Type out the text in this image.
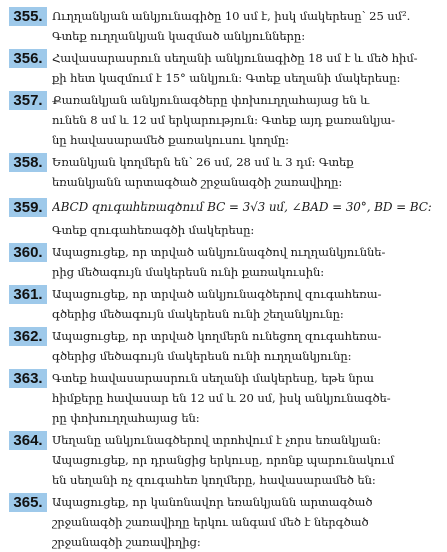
355. Ուղղանկյան անկյունագիծը 10 սմ է, իսկ մակերեսը՝ 25 սմ².
Գտեք ուղղանկյան կազմած անկյունները:
356. Հավասարասրուն սեղանի անկյունագիծը 18 սմ է և մեծ հիմ-
քի հետ կազմում է 15° անկյուն: Գտեք սեղանի մակերեսը:
357. Քառանկյան անկյունագծերը փոխուղղահայաց են և
ունեն 8 սմ և 12 սմ երկարություն: Գտեք այդ քառանկյա-
նը հավասարամեծ քառակուսու կողմը:
358. Եռանկյան կողմերն են՝ 26 սմ, 28 սմ և 3 դմ: Գտեք
եռանկյանն արտագծած շրջանագծի շառավիղը:
359. ABCD զուգահեռագծում BC = 3√3 սմ, ∠BAD = 30°, BD = BC:
Գտեք զուգահեռագծի մակերեսը:
360. Ապացուցեք, որ տրված անկյունագծով ուղղանկյուննե-
րից մեծագույն մակերեսն ունի քառակուսին:
361. Ապացուցեք, որ տրված անկյունագծերով զուգահեռա-
գծերից մեծագույն մակերեսն ունի շեղանկյունը:
362. Ապացուցեք, որ տրված կողմերն ունեցող զուգահեռա-
գծերից մեծագույն մակերեսն ունի ուղղանկյունը:
363. Գտեք հավասարասրուն սեղանի մակերեսը, եթե նրա
հիմքերը հավասար են 12 սմ և 20 սմ, իսկ անկյունագծե-
րը փոխուղղահայաց են:
364. Սեղանը անկյունագծերով տրոհվում է չորս եռանկյան:
Ապացուցեք, որ դրանցից երկուսը, որոնք պարունակում
են սեղանի ոչ զուգահեռ կողմերը, հավասարամեծ են:
365. Ապացուցեք, որ կանոնավոր եռանկյանն արտագծած
շրջանագծի շառավիղը երկու անգամ մեծ է ներգծած
շրջանագծի շառավիղից:
